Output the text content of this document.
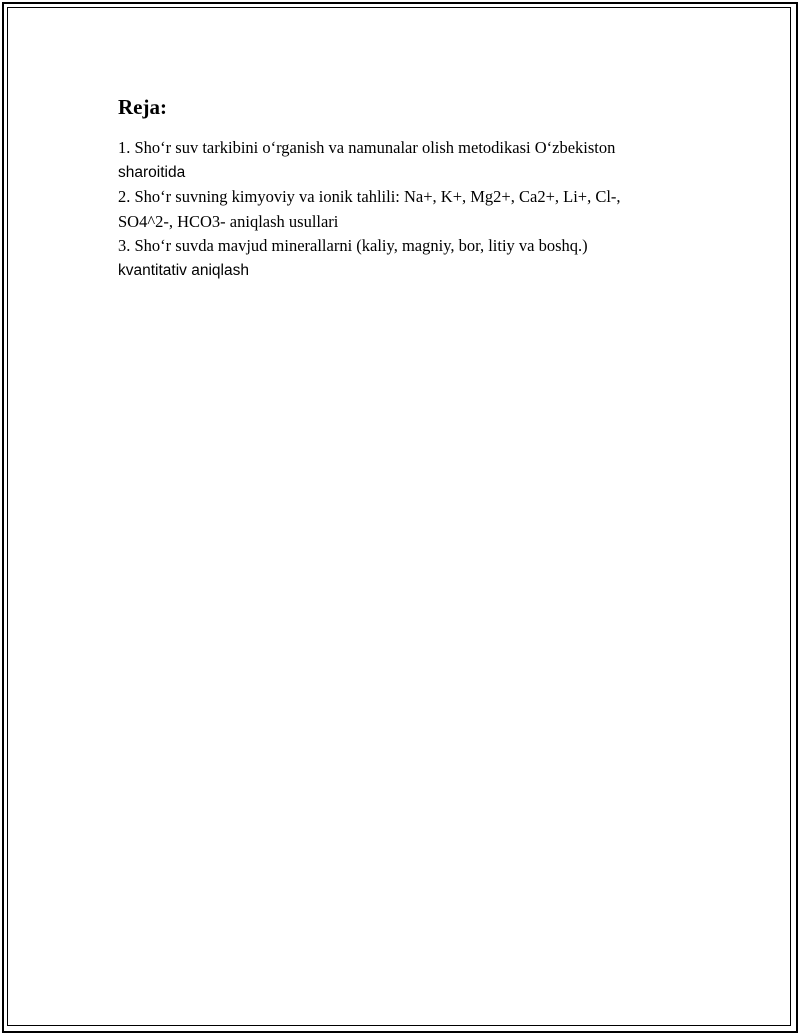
Reja:
1. Sho‘r suv tarkibini o‘rganish va namunalar olish metodikasi O‘zbekiston
sharoitida
2. Sho‘r suvning kimyoviy va ionik tahlili: Na+, K+, Mg2+, Ca2+, Li+, Cl-,
SO4^2-, HCO3- aniqlash usullari
3. Sho‘r suvda mavjud minerallarni (kaliy, magniy, bor, litiy va boshq.)
kvantitativ aniqlash
